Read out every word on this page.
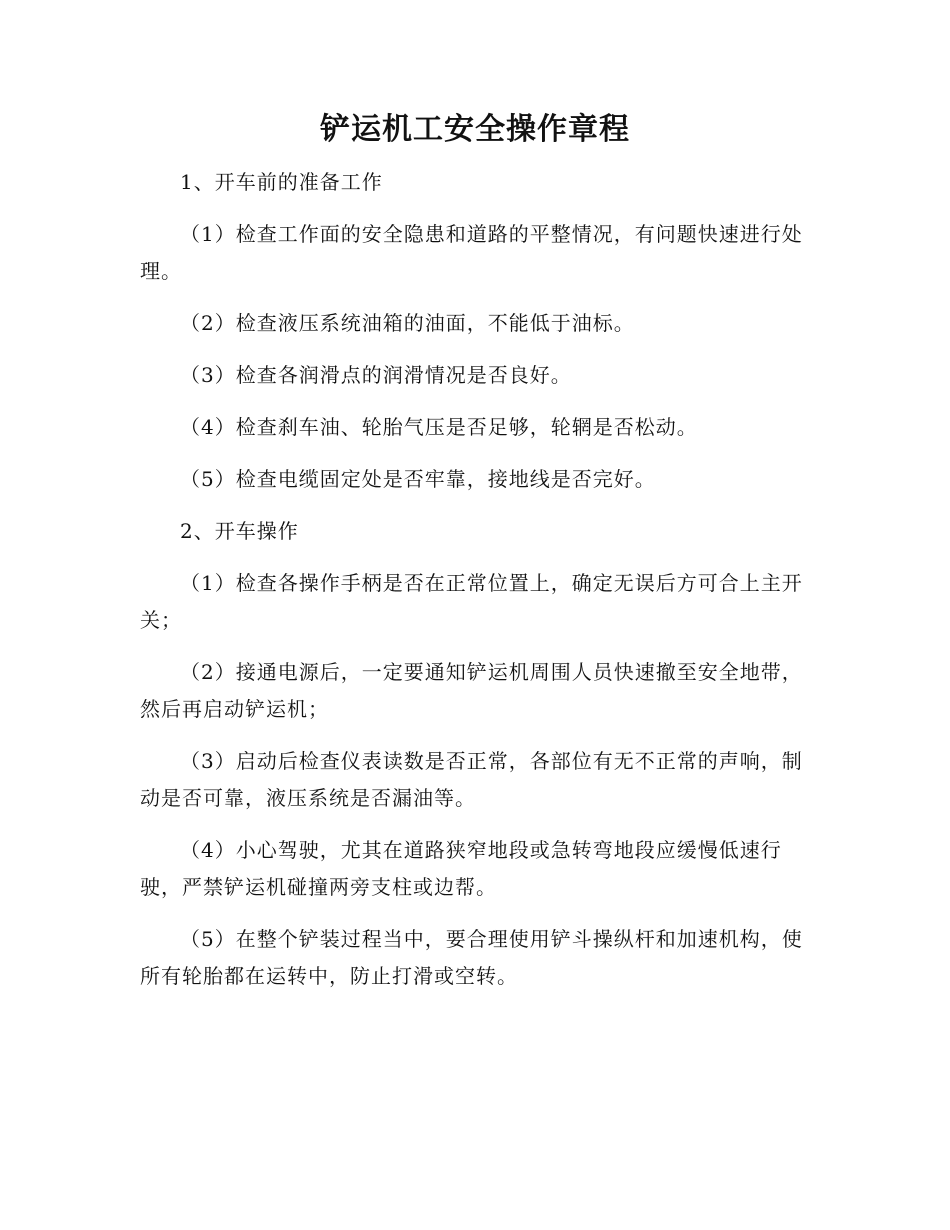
铲运机工安全操作章程

1、开车前的准备工作

（1）检查工作面的安全隐患和道路的平整情况，有问题快速进行处理。

（2）检查液压系统油箱的油面，不能低于油标。

（3）检查各润滑点的润滑情况是否良好。

（4）检查刹车油、轮胎气压是否足够，轮辋是否松动。

（5）检查电缆固定处是否牢靠，接地线是否完好。

2、开车操作

（1）检查各操作手柄是否在正常位置上，确定无误后方可合上主开关；

（2）接通电源后，一定要通知铲运机周围人员快速撤至安全地带，然后再启动铲运机；

（3）启动后检查仪表读数是否正常，各部位有无不正常的声响，制动是否可靠，液压系统是否漏油等。

（4）小心驾驶，尤其在道路狭窄地段或急转弯地段应缓慢低速行驶，严禁铲运机碰撞两旁支柱或边帮。

（5）在整个铲装过程当中，要合理使用铲斗操纵杆和加速机构，使所有轮胎都在运转中，防止打滑或空转。
